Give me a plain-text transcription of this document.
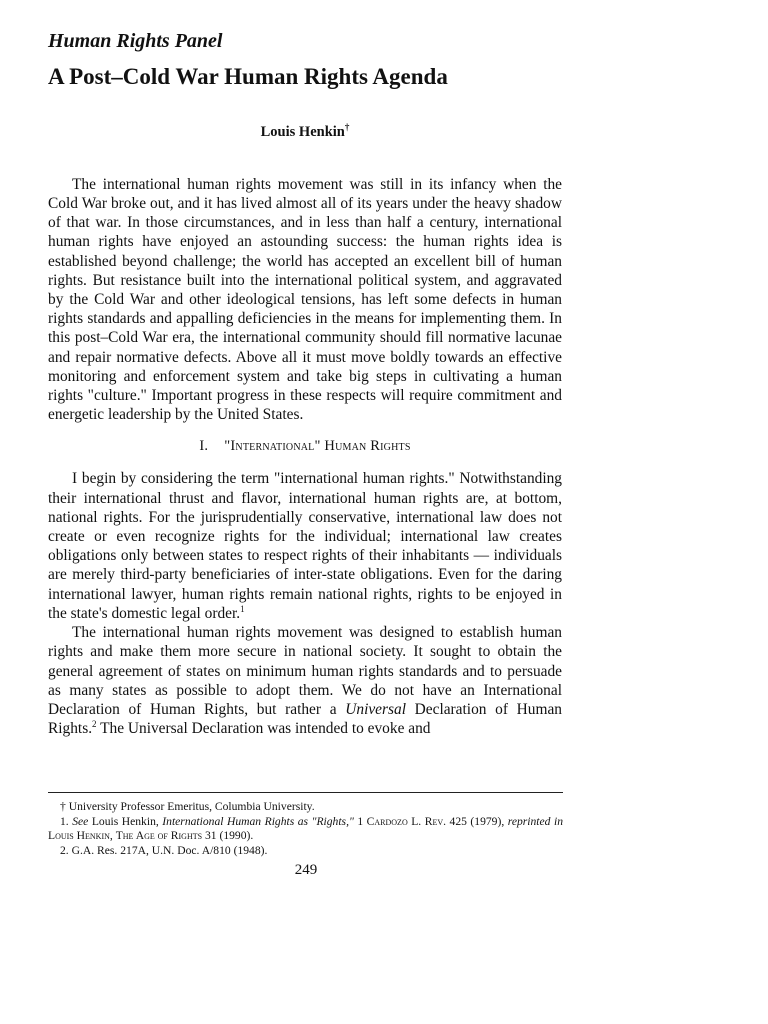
Human Rights Panel

A Post–Cold War Human Rights Agenda

Louis Henkin†

The international human rights movement was still in its infancy when the Cold War broke out, and it has lived almost all of its years under the heavy shadow of that war. In those circumstances, and in less than half a century, international human rights have enjoyed an astounding success: the human rights idea is established beyond challenge; the world has accepted an excellent bill of human rights. But resistance built into the international political system, and aggravated by the Cold War and other ideological tensions, has left some defects in human rights standards and appalling deficiencies in the means for implementing them. In this post–Cold War era, the international community should fill normative lacunae and repair normative defects. Above all it must move boldly towards an effective monitoring and enforcement system and take big steps in cultivating a human rights "culture." Important progress in these respects will require commitment and energetic leadership by the United States.

I. "International" Human Rights

I begin by considering the term "international human rights." Notwithstanding their international thrust and flavor, international human rights are, at bottom, national rights. For the jurisprudentially conservative, international law does not create or even recognize rights for the individual; international law creates obligations only between states to respect rights of their inhabitants — individuals are merely third-party beneficiaries of inter-state obligations. Even for the daring international lawyer, human rights remain national rights, rights to be enjoyed in the state's domestic legal order.$^1$

The international human rights movement was designed to establish human rights and make them more secure in national society. It sought to obtain the general agreement of states on minimum human rights standards and to persuade as many states as possible to adopt them. We do not have an International Declaration of Human Rights, but rather a Universal Declaration of Human Rights.$^2$ The Universal Declaration was intended to evoke and

† University Professor Emeritus, Columbia University.

1. See Louis Henkin, International Human Rights as "Rights," 1 Cardozo L. Rev. 425 (1979), reprinted in Louis Henkin, The Age of Rights 31 (1990).

2. G.A. Res. 217A, U.N. Doc. A/810 (1948).

249
